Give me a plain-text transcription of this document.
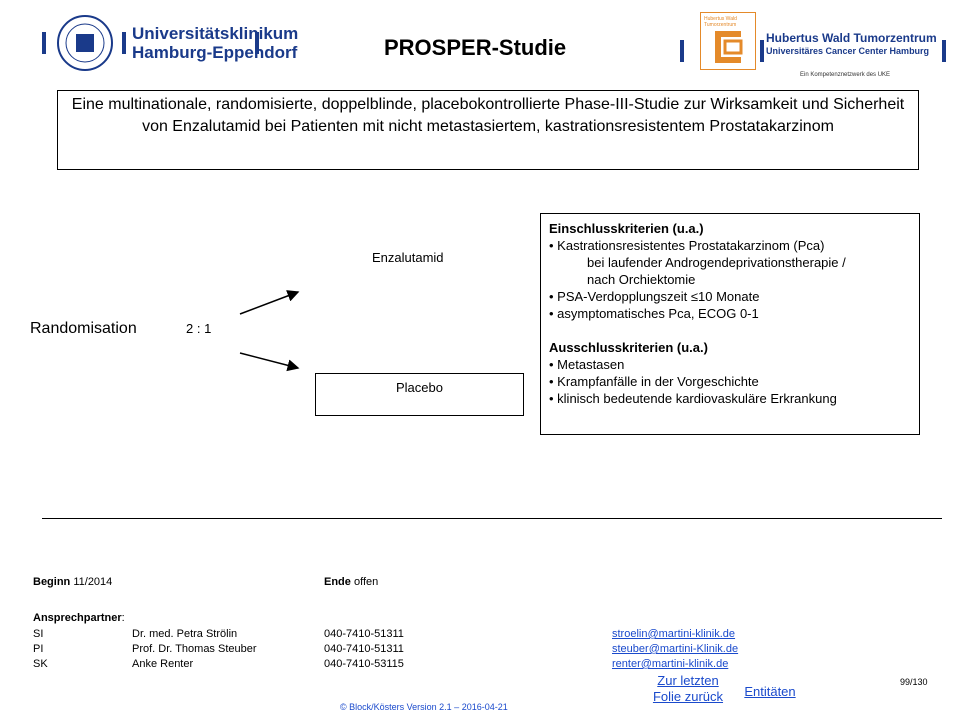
Universitätsklinikum
Hamburg-Eppendorf	PROSPER-Studie
Hubertus Wald Tumorzentrum
Hubertus Wald Tumorzentrum
Universitäres Cancer Center Hamburg
Ein Kompetenznetzwerk des UKE
Eine multinationale, randomisierte, doppelblinde, placebokontrollierte Phase-III-Studie zur Wirksamkeit und Sicherheit von Enzalutamid bei Patienten mit nicht metastasiertem, kastrationsresistentem Prostatakarzinom
Enzalutamid
Randomisation	2 : 1
Placebo
Einschlusskriterien (u.a.)
• Kastrationsresistentes Prostatakarzinom (Pca)
bei laufender Androgendeprivationstherapie /
nach Orchiektomie
• PSA-Verdopplungszeit ≤10 Monate
• asymptomatisches Pca, ECOG 0-1
Ausschlusskriterien (u.a.)
• Metastasen
• Krampfanfälle in der Vorgeschichte
• klinisch bedeutende kardiovaskuläre Erkrankung
Beginn 11/2014	Ende offen
Ansprechpartner:
SI	Dr. med. Petra Strölin	040-7410-51311	stroelin@martini-klinik.de
PI	Prof. Dr. Thomas Steuber	040-7410-51311	steuber@martini-Klinik.de
SK	Anke Renter	040-7410-53115	renter@martini-klinik.de
Zur letzten
Folie zurück	Entitäten
99/130
© Block/Kösters Version 2.1 – 2016-04-21
